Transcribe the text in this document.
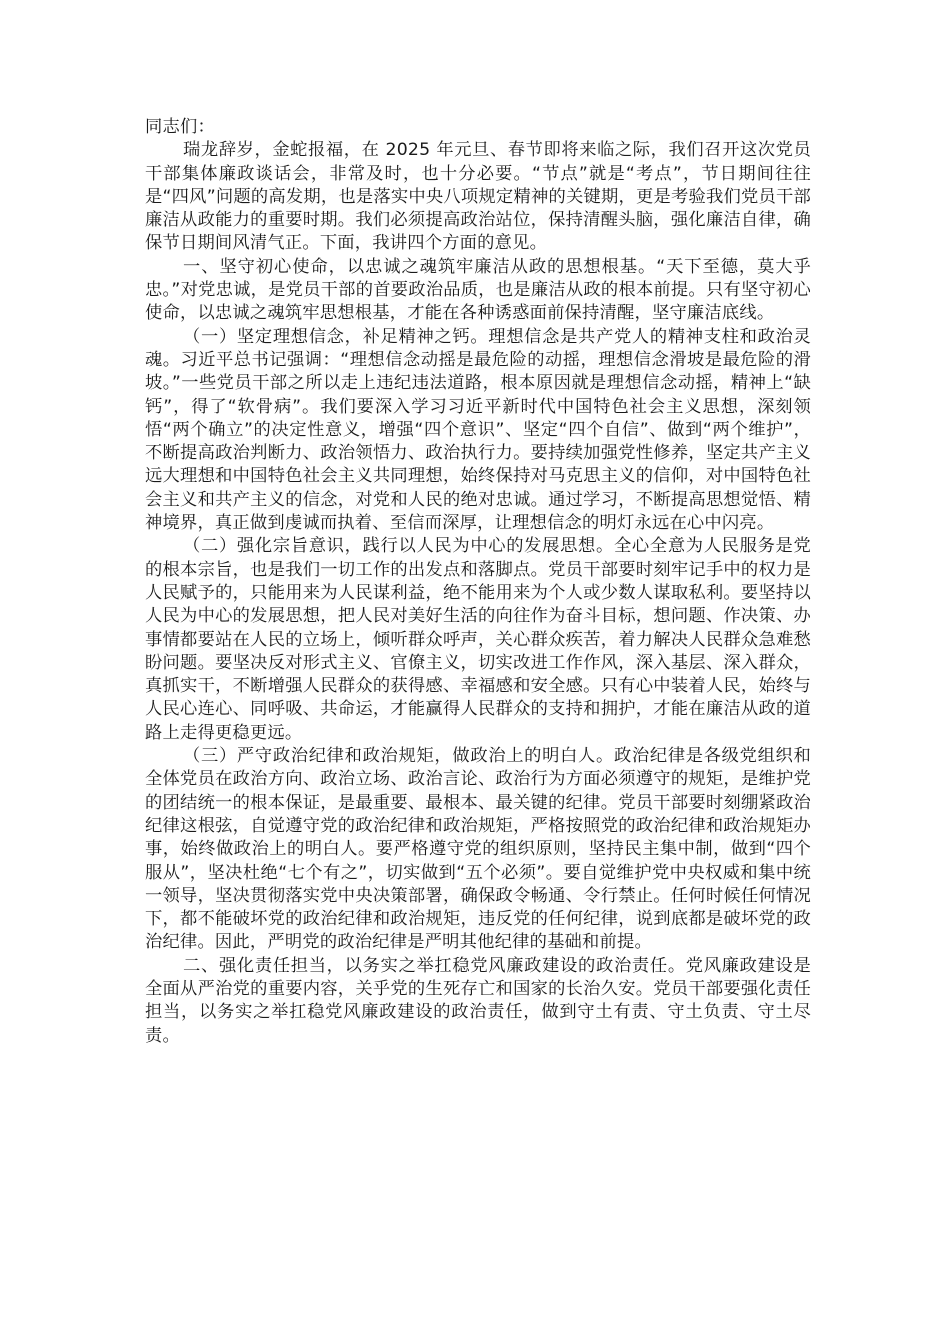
同志们：

瑞龙辞岁，金蛇报福，在 2025 年元旦、春节即将来临之际，我们召开这次党员干部集体廉政谈话会，非常及时，也十分必要。“节点”就是“考点”，节日期间往往是“四风”问题的高发期，也是落实中央八项规定精神的关键期，更是考验我们党员干部廉洁从政能力的重要时期。我们必须提高政治站位，保持清醒头脑，强化廉洁自律，确保节日期间风清气正。下面，我讲四个方面的意见。

一、坚守初心使命，以忠诚之魂筑牢廉洁从政的思想根基。“天下至德，莫大乎忠。”对党忠诚，是党员干部的首要政治品质，也是廉洁从政的根本前提。只有坚守初心使命，以忠诚之魂筑牢思想根基，才能在各种诱惑面前保持清醒，坚守廉洁底线。

（一）坚定理想信念，补足精神之钙。理想信念是共产党人的精神支柱和政治灵魂。习近平总书记强调：“理想信念动摇是最危险的动摇，理想信念滑坡是最危险的滑坡。”一些党员干部之所以走上违纪违法道路，根本原因就是理想信念动摇，精神上“缺钙”，得了“软骨病”。我们要深入学习习近平新时代中国特色社会主义思想，深刻领悟“两个确立”的决定性意义，增强“四个意识”、坚定“四个自信”、做到“两个维护”，不断提高政治判断力、政治领悟力、政治执行力。要持续加强党性修养，坚定共产主义远大理想和中国特色社会主义共同理想，始终保持对马克思主义的信仰，对中国特色社会主义和共产主义的信念，对党和人民的绝对忠诚。通过学习，不断提高思想觉悟、精神境界，真正做到虔诚而执着、至信而深厚，让理想信念的明灯永远在心中闪亮。

（二）强化宗旨意识，践行以人民为中心的发展思想。全心全意为人民服务是党的根本宗旨，也是我们一切工作的出发点和落脚点。党员干部要时刻牢记手中的权力是人民赋予的，只能用来为人民谋利益，绝不能用来为个人或少数人谋取私利。要坚持以人民为中心的发展思想，把人民对美好生活的向往作为奋斗目标，想问题、作决策、办事情都要站在人民的立场上，倾听群众呼声，关心群众疾苦，着力解决人民群众急难愁盼问题。要坚决反对形式主义、官僚主义，切实改进工作作风，深入基层、深入群众，真抓实干，不断增强人民群众的获得感、幸福感和安全感。只有心中装着人民，始终与人民心连心、同呼吸、共命运，才能赢得人民群众的支持和拥护，才能在廉洁从政的道路上走得更稳更远。

（三）严守政治纪律和政治规矩，做政治上的明白人。政治纪律是各级党组织和全体党员在政治方向、政治立场、政治言论、政治行为方面必须遵守的规矩，是维护党的团结统一的根本保证，是最重要、最根本、最关键的纪律。党员干部要时刻绷紧政治纪律这根弦，自觉遵守党的政治纪律和政治规矩，严格按照党的政治纪律和政治规矩办事，始终做政治上的明白人。要严格遵守党的组织原则，坚持民主集中制，做到“四个服从”，坚决杜绝“七个有之”，切实做到“五个必须”。要自觉维护党中央权威和集中统一领导，坚决贯彻落实党中央决策部署，确保政令畅通、令行禁止。任何时候任何情况下，都不能破坏党的政治纪律和政治规矩，违反党的任何纪律，说到底都是破坏党的政治纪律。因此，严明党的政治纪律是严明其他纪律的基础和前提。

二、强化责任担当，以务实之举扛稳党风廉政建设的政治责任。党风廉政建设是全面从严治党的重要内容，关乎党的生死存亡和国家的长治久安。党员干部要强化责任担当，以务实之举扛稳党风廉政建设的政治责任，做到守土有责、守土负责、守土尽责。
